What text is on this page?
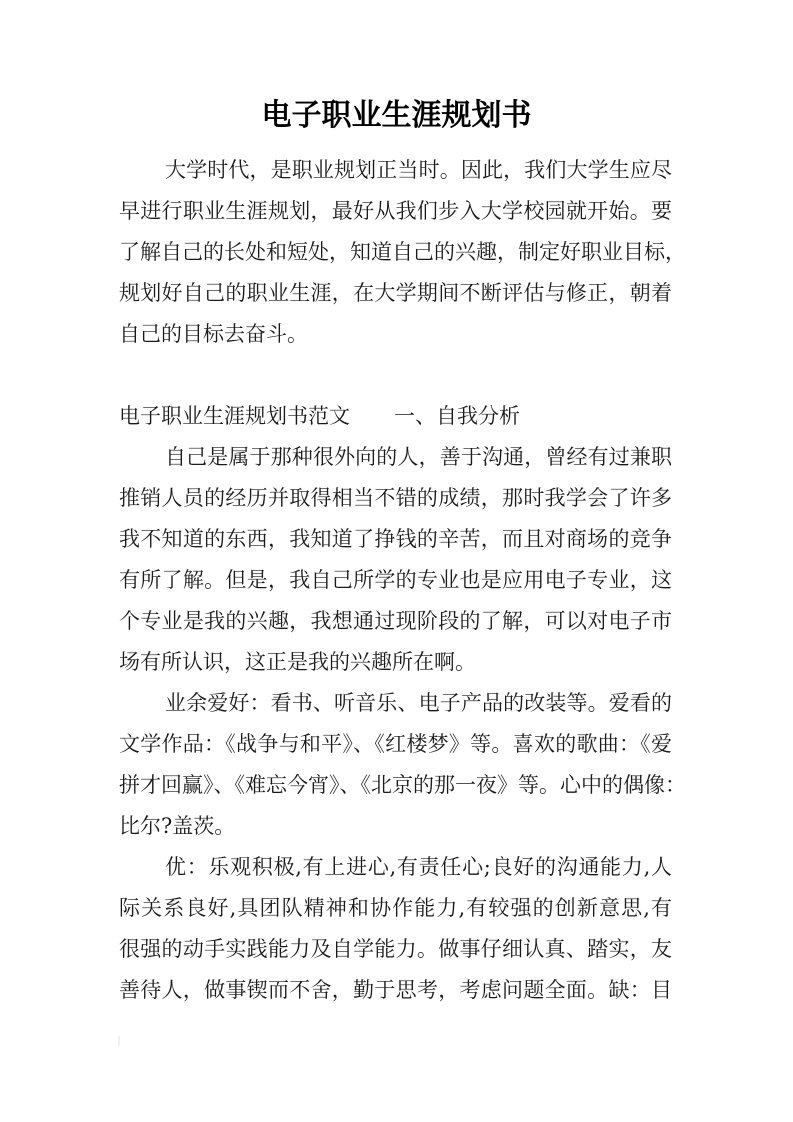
电子职业生涯规划书
大学时代，是职业规划正当时。因此，我们大学生应尽
早进行职业生涯规划，最好从我们步入大学校园就开始。要
了解自己的长处和短处，知道自己的兴趣，制定好职业目标，
规划好自己的职业生涯，在大学期间不断评估与修正，朝着
自己的目标去奋斗。
电子职业生涯规划书范文	一、自我分析
自己是属于那种很外向的人，善于沟通，曾经有过兼职
推销人员的经历并取得相当不错的成绩，那时我学会了许多
我不知道的东西，我知道了挣钱的辛苦，而且对商场的竞争
有所了解。但是，我自己所学的专业也是应用电子专业，这
个专业是我的兴趣，我想通过现阶段的了解，可以对电子市
场有所认识，这正是我的兴趣所在啊。
业余爱好：看书、听音乐、电子产品的改装等。爱看的
文学作品：《战争与和平》、《红楼梦》等。喜欢的歌曲：《爱
拼才回赢》、《难忘今宵》、《北京的那一夜》等。心中的偶像：
比尔?盖茨。
优：乐观积极,有上进心,有责任心;良好的沟通能力,人
际关系良好,具团队精神和协作能力,有较强的创新意思,有
很强的动手实践能力及自学能力。做事仔细认真、踏实，友
善待人，做事锲而不舍，勤于思考，考虑问题全面。缺：目
